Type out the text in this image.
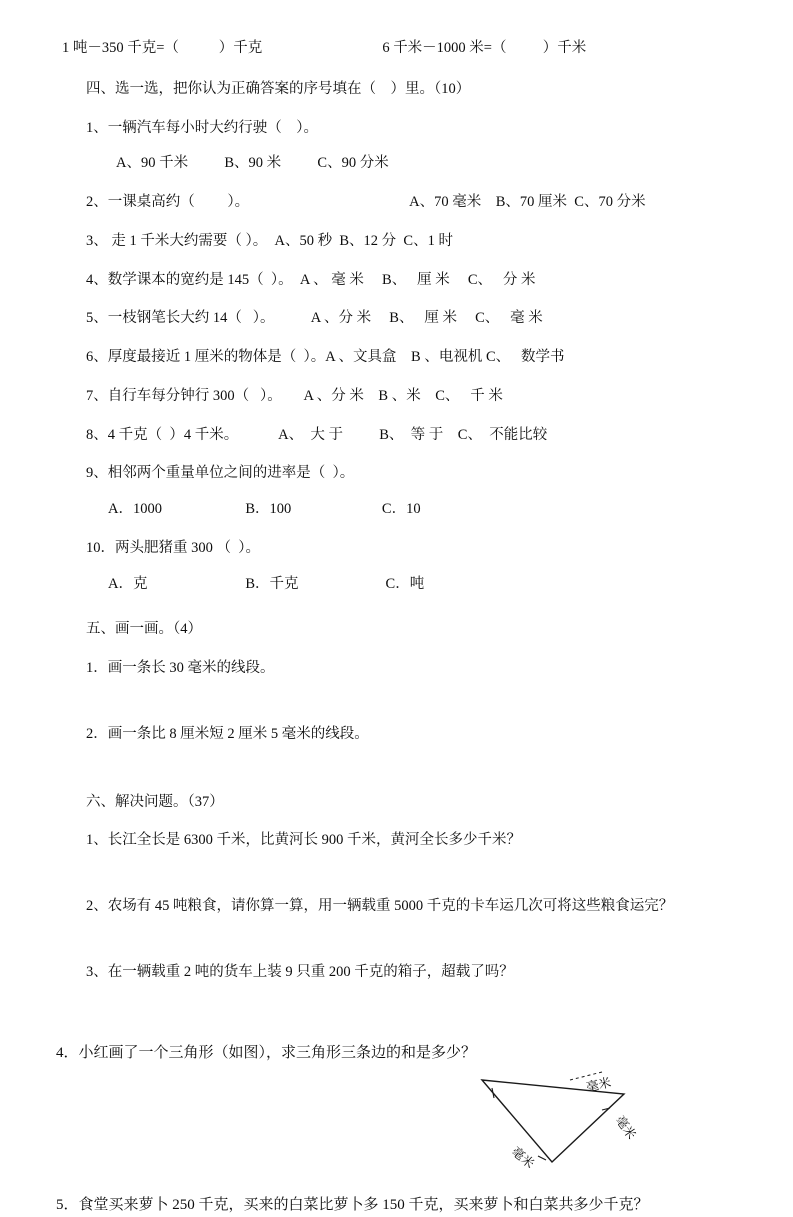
1 吨－350 千克=（           ）千克	6 千米－1000 米=（          ）千米
四、选一选，把你认为正确答案的序号填在（    ）里。（10）
1、一辆汽车每小时大约行驶（    ）。
A、90 千米          B、90 米          C、90 分米
2、一课桌高约（         ）。	A、70 毫米    B、70 厘米  C、70 分米
3、 走 1 千米大约需要（ ）。  A、50 秒  B、12 分  C、1 时
4、数学课本的宽约是 145（  ）。  A 、 毫 米     B、   厘 米     C、   分 米
5、一枝钢笔长大约 14（   ）。          A 、分 米     B、   厘 米     C、   毫 米
6、厚度最接近 1 厘米的物体是（  ）。A 、文具盒    B 、电视机 C、   数学书
7、自行车每分钟行 300（   ）。      A 、分 米    B 、米    C、   千 米
8、4 千克（  ）4 千米。           A、  大 于          B、  等 于    C、  不能比较
9、相邻两个重量单位之间的进率是（  ）。
A．1000                       B．100                         C．10
10．两头肥猪重 300 （  ）。
A．克                           B．千克                        C．吨
五、画一画。（4）
1．画一条长 30 毫米的线段。
2．画一条比 8 厘米短 2 厘米 5 毫米的线段。
六、解决问题。（37）
1、长江全长是 6300 千米，比黄河长 900 千米，黄河全长多少千米？
2、农场有 45 吨粮食，请你算一算，用一辆载重 5000 千克的卡车运几次可将这些粮食运完？
3、在一辆载重 2 吨的货车上装 9 只重 200 千克的箱子，超载了吗？
4．小红画了一个三角形（如图），求三角形三条边的和是多少？
毫米
毫米
毫米
5．食堂买来萝卜 250 千克，买来的白菜比萝卜多 150 千克，买来萝卜和白菜共多少千克？
